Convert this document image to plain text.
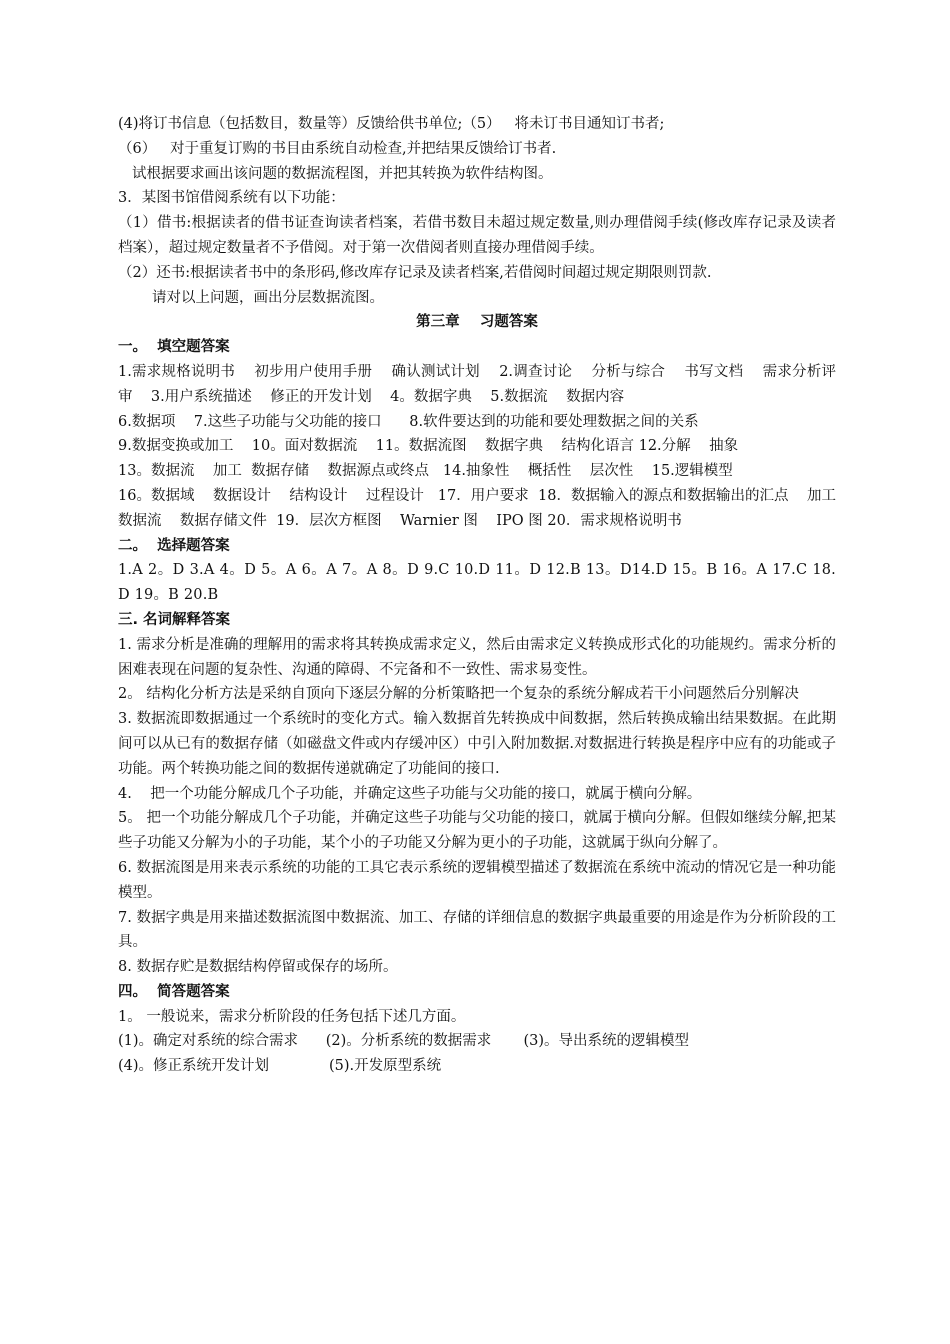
(4)将订书信息（包括数目，数量等）反馈给供书单位;（5）   将未订书目通知订书者;

（6）   对于重复订购的书目由系统自动检查,并把结果反馈给订书者.

试根据要求画出该问题的数据流程图，并把其转换为软件结构图。

3．某图书馆借阅系统有以下功能：

（1）借书:根据读者的借书证查询读者档案，若借书数目未超过规定数量,则办理借阅手续(修改库存记录及读者档案），超过规定数量者不予借阅。对于第一次借阅者则直接办理借阅手续。

（2）还书:根据读者书中的条形码,修改库存记录及读者档案,若借阅时间超过规定期限则罚款.

请对以上问题，画出分层数据流图。

第三章    习题答案

一。  填空题答案

1.需求规格说明书    初步用户使用手册    确认测试计划    2.调查讨论    分析与综合    书写文档    需求分析评审    3.用户系统描述    修正的开发计划    4。数据字典    5.数据流    数据内容

6.数据项    7.这些子功能与父功能的接口      8.软件要达到的功能和要处理数据之间的关系

9.数据变换或加工    10。面对数据流    11。数据流图    数据字典    结构化语言 12.分解    抽象

13。数据流    加工  数据存储    数据源点或终点   14.抽象性    概括性    层次性    15.逻辑模型

16。数据域    数据设计    结构设计    过程设计   17．用户要求  18．数据输入的源点和数据输出的汇点    加工    数据流    数据存储文件  19．层次方框图    Warnier 图    IPO 图 20．需求规格说明书

二。  选择题答案

1.A 2。D 3.A 4。D 5。A 6。A 7。A 8。D 9.C 10.D 11。D 12.B 13。D14.D 15。B 16。A 17.C 18.D 19。B 20.B

三. 名词解释答案

1. 需求分析是准确的理解用的需求将其转换成需求定义，然后由需求定义转换成形式化的功能规约。需求分析的困难表现在问题的复杂性、沟通的障碍、不完备和不一致性、需求易变性。

2。 结构化分析方法是采纳自顶向下逐层分解的分析策略把一个复杂的系统分解成若干小问题然后分别解决

3. 数据流即数据通过一个系统时的变化方式。输入数据首先转换成中间数据，然后转换成输出结果数据。在此期间可以从已有的数据存储（如磁盘文件或内存缓冲区）中引入附加数据.对数据进行转换是程序中应有的功能或子功能。两个转换功能之间的数据传递就确定了功能间的接口.

4.    把一个功能分解成几个子功能，并确定这些子功能与父功能的接口，就属于横向分解。

5。 把一个功能分解成几个子功能，并确定这些子功能与父功能的接口，就属于横向分解。但假如继续分解,把某些子功能又分解为小的子功能，某个小的子功能又分解为更小的子功能，这就属于纵向分解了。

6. 数据流图是用来表示系统的功能的工具它表示系统的逻辑模型描述了数据流在系统中流动的情况它是一种功能模型。

7. 数据字典是用来描述数据流图中数据流、加工、存储的详细信息的数据字典最重要的用途是作为分析阶段的工具。

8. 数据存贮是数据结构停留或保存的场所。

四。  简答题答案

1。 一般说来，需求分析阶段的任务包括下述几方面。

(1)。确定对系统的综合需求      (2)。分析系统的数据需求       (3)。导出系统的逻辑模型

(4)。修正系统开发计划             (5).开发原型系统
